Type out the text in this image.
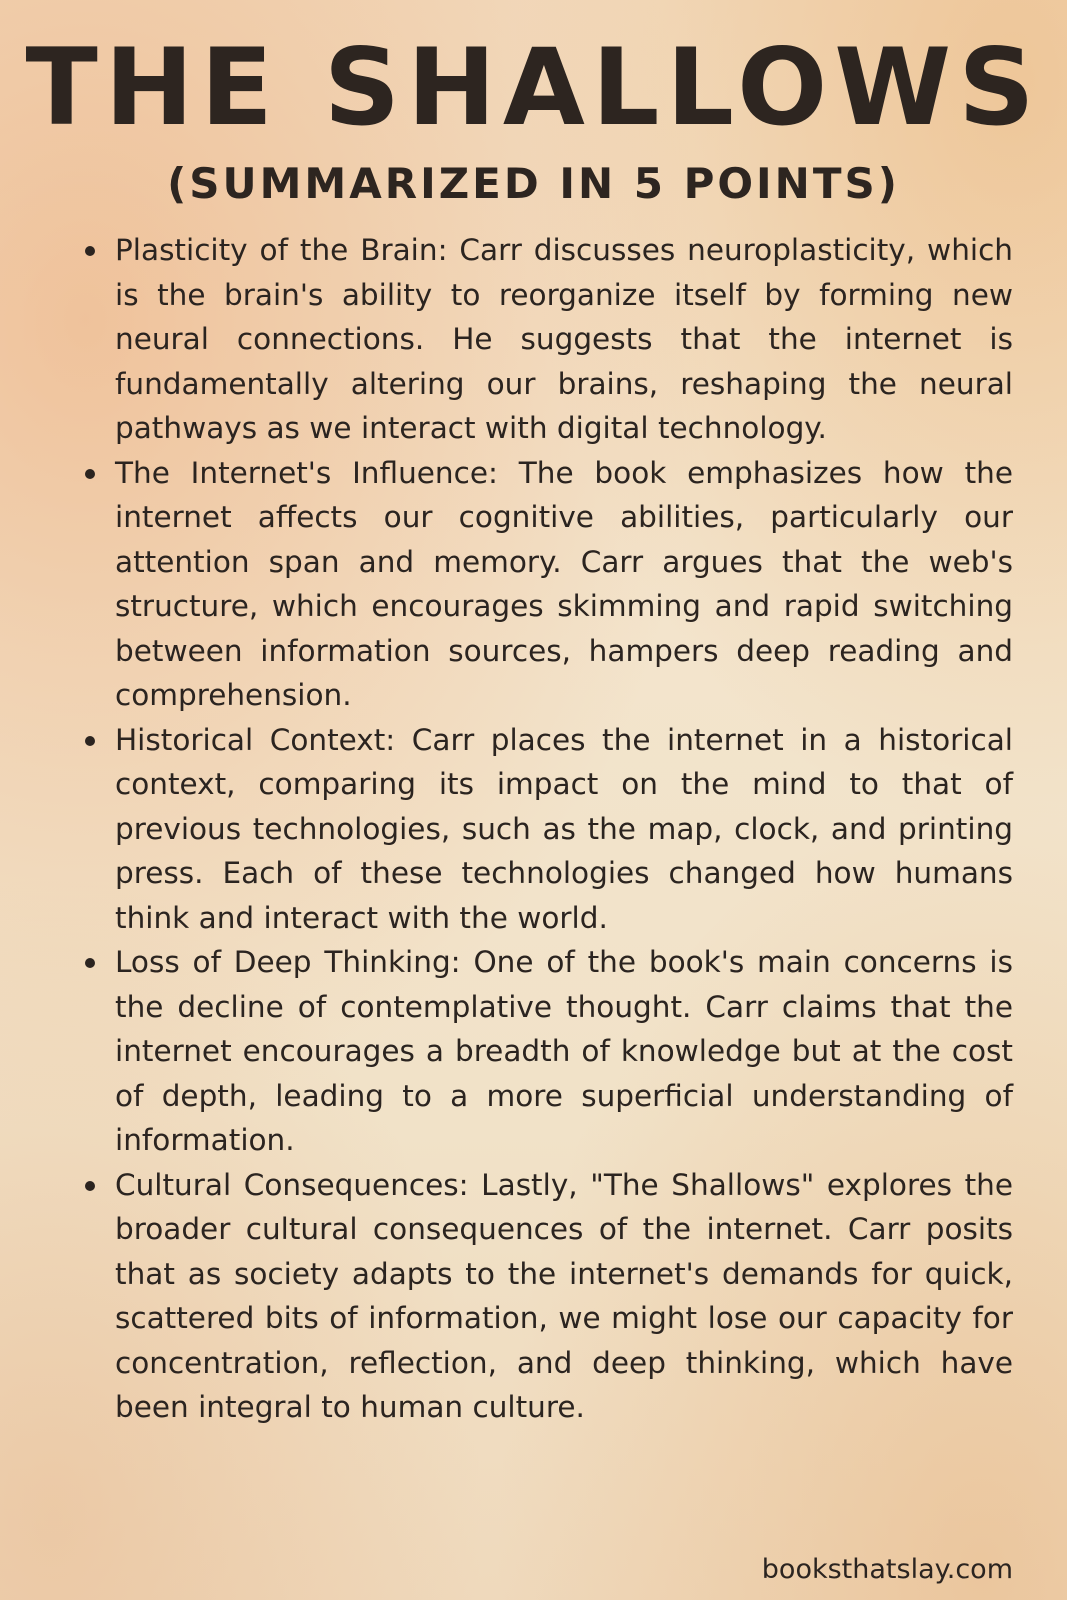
THE SHALLOWS
(SUMMARIZED IN 5 POINTS)
Plasticity of the Brain: Carr discusses neuroplasticity, which is the brain's ability to reorganize itself by forming new neural connections. He suggests that the internet is fundamentally altering our brains, reshaping the neural pathways as we interact with digital technology.
The Internet's Influence: The book emphasizes how the internet affects our cognitive abilities, particularly our attention span and memory. Carr argues that the web's structure, which encourages skimming and rapid switching between information sources, hampers deep reading and comprehension.
Historical Context: Carr places the internet in a historical context, comparing its impact on the mind to that of previous technologies, such as the map, clock, and printing press. Each of these technologies changed how humans think and interact with the world.
Loss of Deep Thinking: One of the book's main concerns is the decline of contemplative thought. Carr claims that the internet encourages a breadth of knowledge but at the cost of depth, leading to a more superficial understanding of information.
Cultural Consequences: Lastly, "The Shallows" explores the broader cultural consequences of the internet. Carr posits that as society adapts to the internet's demands for quick, scattered bits of information, we might lose our capacity for concentration, reflection, and deep thinking, which have been integral to human culture.
booksthatslay.com
